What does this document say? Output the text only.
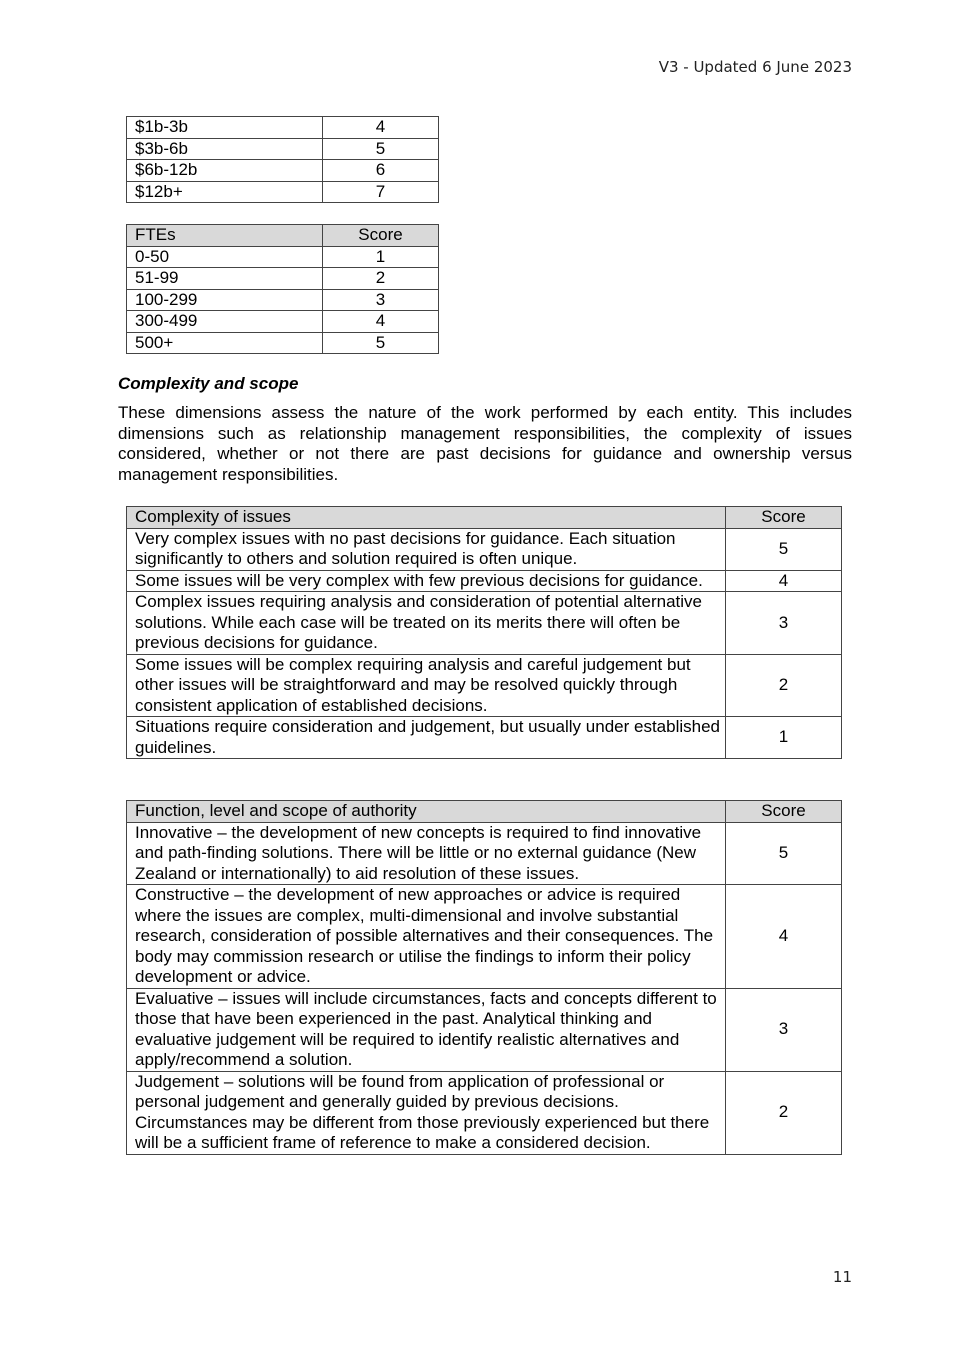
V3 - Updated 6 June 2023
$1b-3b	4
$3b-6b	5
$6b-12b	6
$12b+	7
FTEs	Score
0-50	1
51-99	2
100-299	3
300-499	4
500+	5
Complexity and scope

These dimensions assess the nature of the work performed by each entity. This includes dimensions such as relationship management responsibilities, the complexity of issues considered, whether or not there are past decisions for guidance and ownership versus management responsibilities.

Complexity of issues	Score
Very complex issues with no past decisions for guidance. Each situation significantly to others and solution required is often unique.	5
Some issues will be very complex with few previous decisions for guidance.	4
Complex issues requiring analysis and consideration of potential alternative solutions. While each case will be treated on its merits there will often be previous decisions for guidance.	3
Some issues will be complex requiring analysis and careful judgement but other issues will be straightforward and may be resolved quickly through consistent application of established decisions.	2
Situations require consideration and judgement, but usually under established guidelines.	1
Function, level and scope of authority	Score
Innovative – the development of new concepts is required to find innovative and path-finding solutions. There will be little or no external guidance (New Zealand or internationally) to aid resolution of these issues.	5
Constructive – the development of new approaches or advice is required where the issues are complex, multi-dimensional and involve substantial research, consideration of possible alternatives and their consequences. The body may commission research or utilise the findings to inform their policy development or advice.	4
Evaluative – issues will include circumstances, facts and concepts different to those that have been experienced in the past. Analytical thinking and evaluative judgement will be required to identify realistic alternatives and apply/recommend a solution.	3
Judgement – solutions will be found from application of professional or personal judgement and generally guided by previous decisions. Circumstances may be different from those previously experienced but there will be a sufficient frame of reference to make a considered decision.	2
11
